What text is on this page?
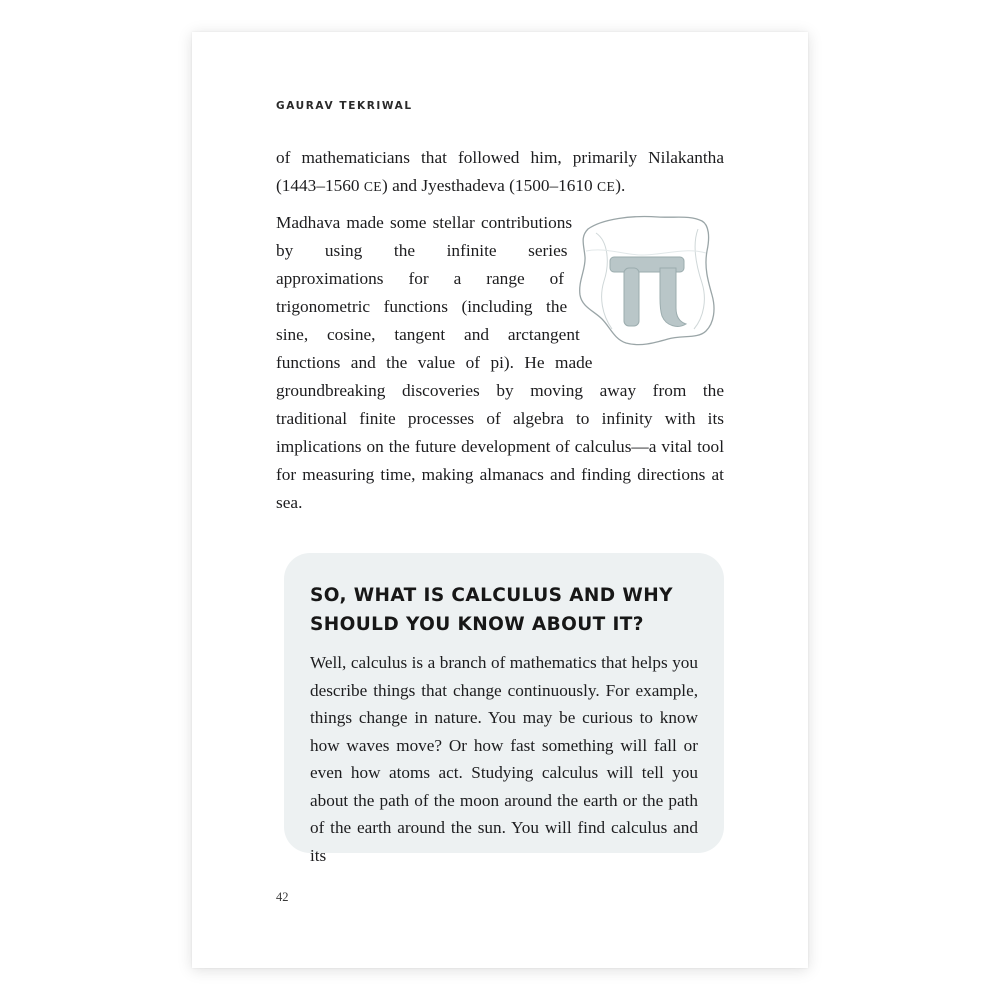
GAURAV TEKRIWAL
of mathematicians that followed him, primarily Nilakantha (1443–1560 CE) and Jyesthadeva (1500–1610 CE).
Madhava made some stellar contributions by using the infinite series approximations for a range of trigonometric functions (including the sine, cosine, tangent and arctangent functions and the value of pi). He made groundbreaking discoveries by moving away from the traditional finite processes of algebra to infinity with its implications on the future development of calculus—a vital tool for measuring time, making almanacs and finding directions at sea.
SO, WHAT IS CALCULUS AND WHY SHOULD YOU KNOW ABOUT IT?

Well, calculus is a branch of mathematics that helps you describe things that change continuously. For example, things change in nature. You may be curious to know how waves move? Or how fast something will fall or even how atoms act. Studying calculus will tell you about the path of the moon around the earth or the path of the earth around the sun. You will find calculus and its

42
